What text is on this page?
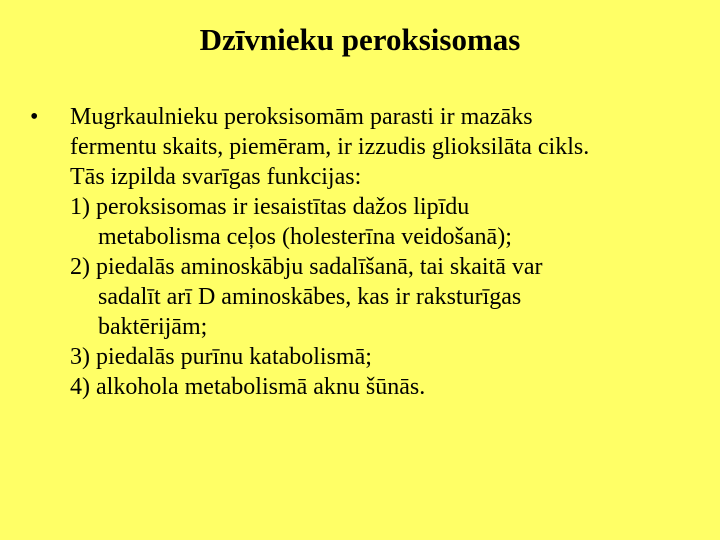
Dzīvnieku peroksisomas
• Mugrkaulnieku peroksisomām parasti ir mazāks
fermentu skaits, piemēram, ir izzudis glioksilāta cikls.
Tās izpilda svarīgas funkcijas:
1) peroksisomas ir iesaistītas dažos lipīdu
metabolisma ceļos (holesterīna veidošanā);
2) piedalās aminoskābju sadalīšanā, tai skaitā var
sadalīt arī D aminoskābes, kas ir raksturīgas
baktērijām;
3) piedalās purīnu katabolismā;
4) alkohola metabolismā aknu šūnās.
